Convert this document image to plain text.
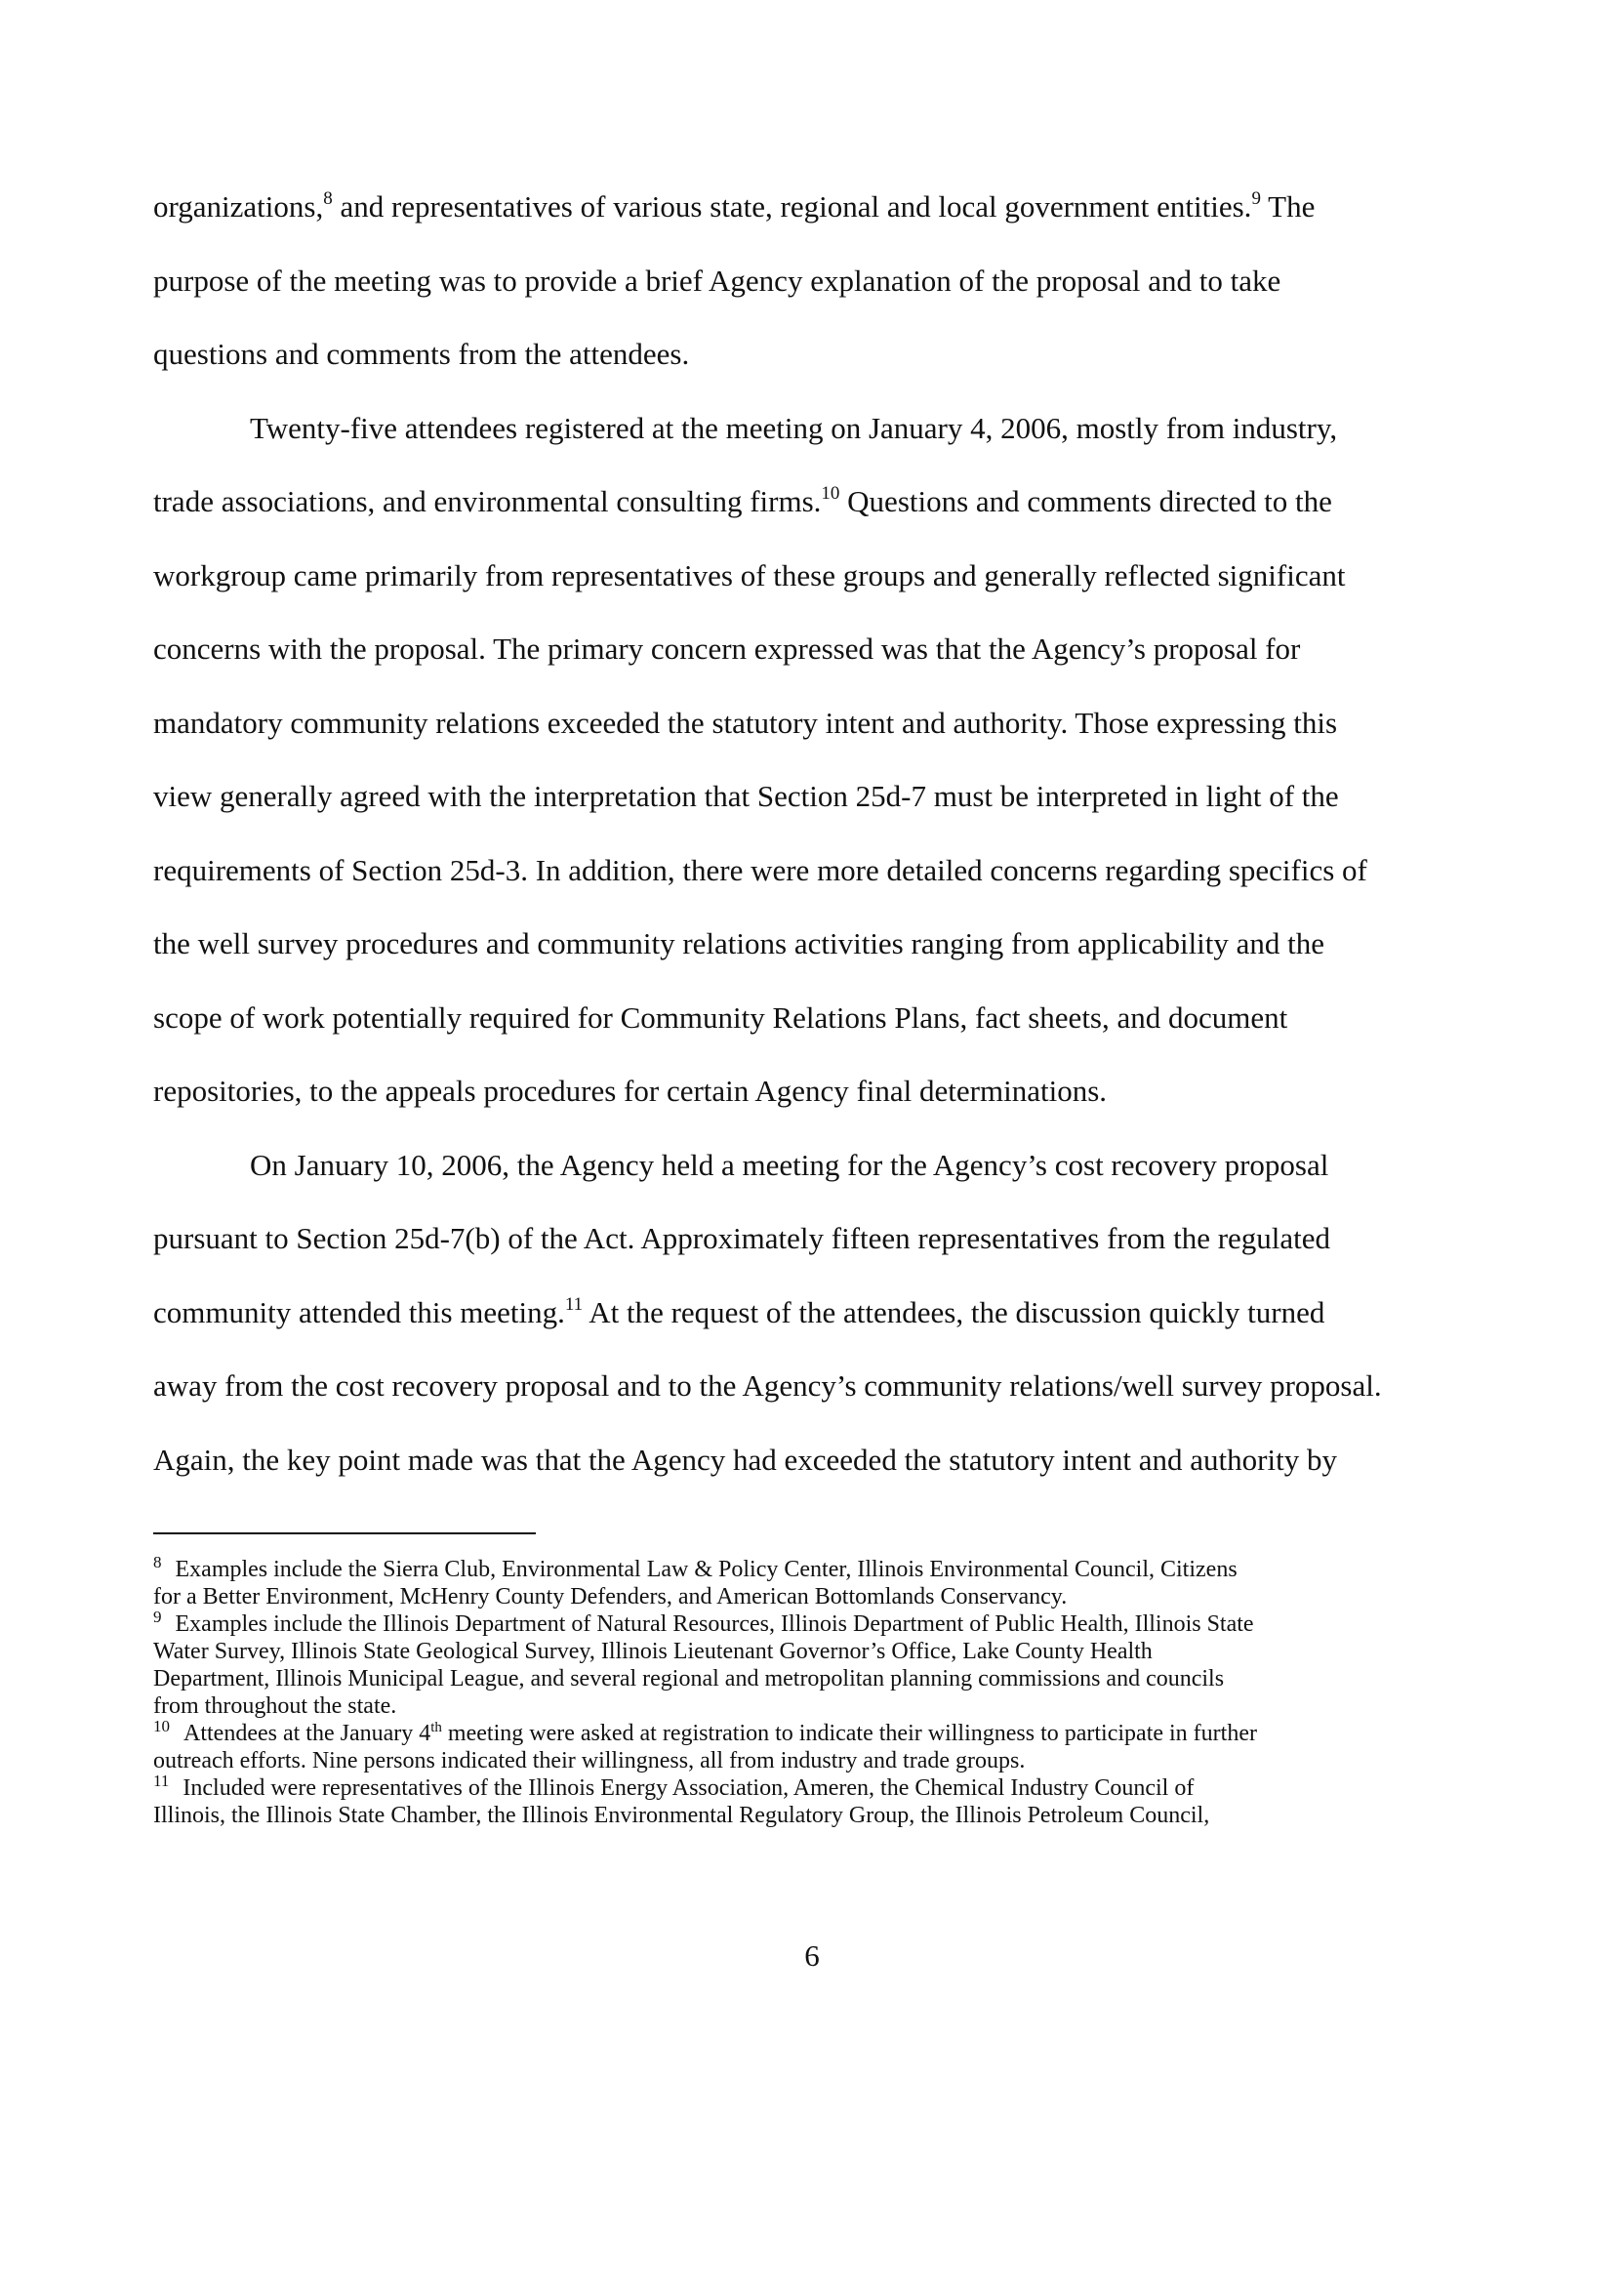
organizations,$^8$ and representatives of various state, regional and local government entities.$^9$ The
purpose of the meeting was to provide a brief Agency explanation of the proposal and to take
questions and comments from the attendees.
Twenty-five attendees registered at the meeting on January 4, 2006, mostly from industry,
trade associations, and environmental consulting firms.$^{10}$ Questions and comments directed to the
workgroup came primarily from representatives of these groups and generally reflected significant
concerns with the proposal. The primary concern expressed was that the Agency’s proposal for
mandatory community relations exceeded the statutory intent and authority. Those expressing this
view generally agreed with the interpretation that Section 25d-7 must be interpreted in light of the
requirements of Section 25d-3. In addition, there were more detailed concerns regarding specifics of
the well survey procedures and community relations activities ranging from applicability and the
scope of work potentially required for Community Relations Plans, fact sheets, and document
repositories, to the appeals procedures for certain Agency final determinations.
On January 10, 2006, the Agency held a meeting for the Agency’s cost recovery proposal
pursuant to Section 25d-7(b) of the Act. Approximately fifteen representatives from the regulated
community attended this meeting.$^{11}$ At the request of the attendees, the discussion quickly turned
away from the cost recovery proposal and to the Agency’s community relations/well survey proposal.
Again, the key point made was that the Agency had exceeded the statutory intent and authority by
$^8$ Examples include the Sierra Club, Environmental Law & Policy Center, Illinois Environmental Council, Citizens
for a Better Environment, McHenry County Defenders, and American Bottomlands Conservancy.
$^9$ Examples include the Illinois Department of Natural Resources, Illinois Department of Public Health, Illinois State
Water Survey, Illinois State Geological Survey, Illinois Lieutenant Governor’s Office, Lake County Health
Department, Illinois Municipal League, and several regional and metropolitan planning commissions and councils
from throughout the state.
$^{10}$ Attendees at the January 4th meeting were asked at registration to indicate their willingness to participate in further
outreach efforts. Nine persons indicated their willingness, all from industry and trade groups.
$^{11}$ Included were representatives of the Illinois Energy Association, Ameren, the Chemical Industry Council of
Illinois, the Illinois State Chamber, the Illinois Environmental Regulatory Group, the Illinois Petroleum Council,
6
